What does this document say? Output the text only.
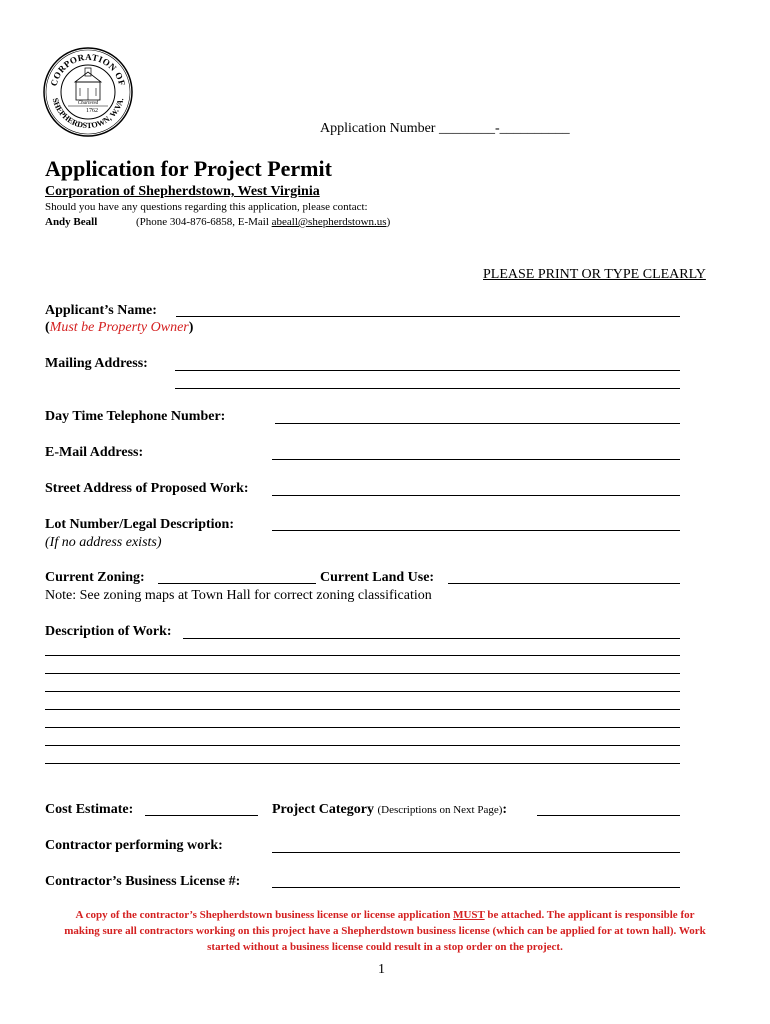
CORPORATION OF
SHEPHERDSTOWN, W.VA.
Chartered
1762
Application Number ________-__________
Application for Project Permit
Corporation of Shepherdstown, West Virginia
Should you have any questions regarding this application, please contact:
Andy Beall	(Phone 304-876-6858, E-Mail abeall@shepherdstown.us)
PLEASE PRINT OR TYPE CLEARLY
Applicant’s Name:
(Must be Property Owner)
Mailing Address:
Day Time Telephone Number:
E-Mail Address:
Street Address of Proposed Work:
Lot Number/Legal Description:
(If no address exists)
Current Zoning:	Current Land Use:
Note: See zoning maps at Town Hall for correct zoning classification
Description of Work:
Cost Estimate:	Project Category (Descriptions on Next Page):
Contractor performing work:
Contractor’s Business License #:
A copy of the contractor’s Shepherdstown business license or license application MUST be attached. The applicant is responsible for making sure all contractors working on this project have a Shepherdstown business license (which can be applied for at town hall). Work started without a business license could result in a stop order on the project.
1
